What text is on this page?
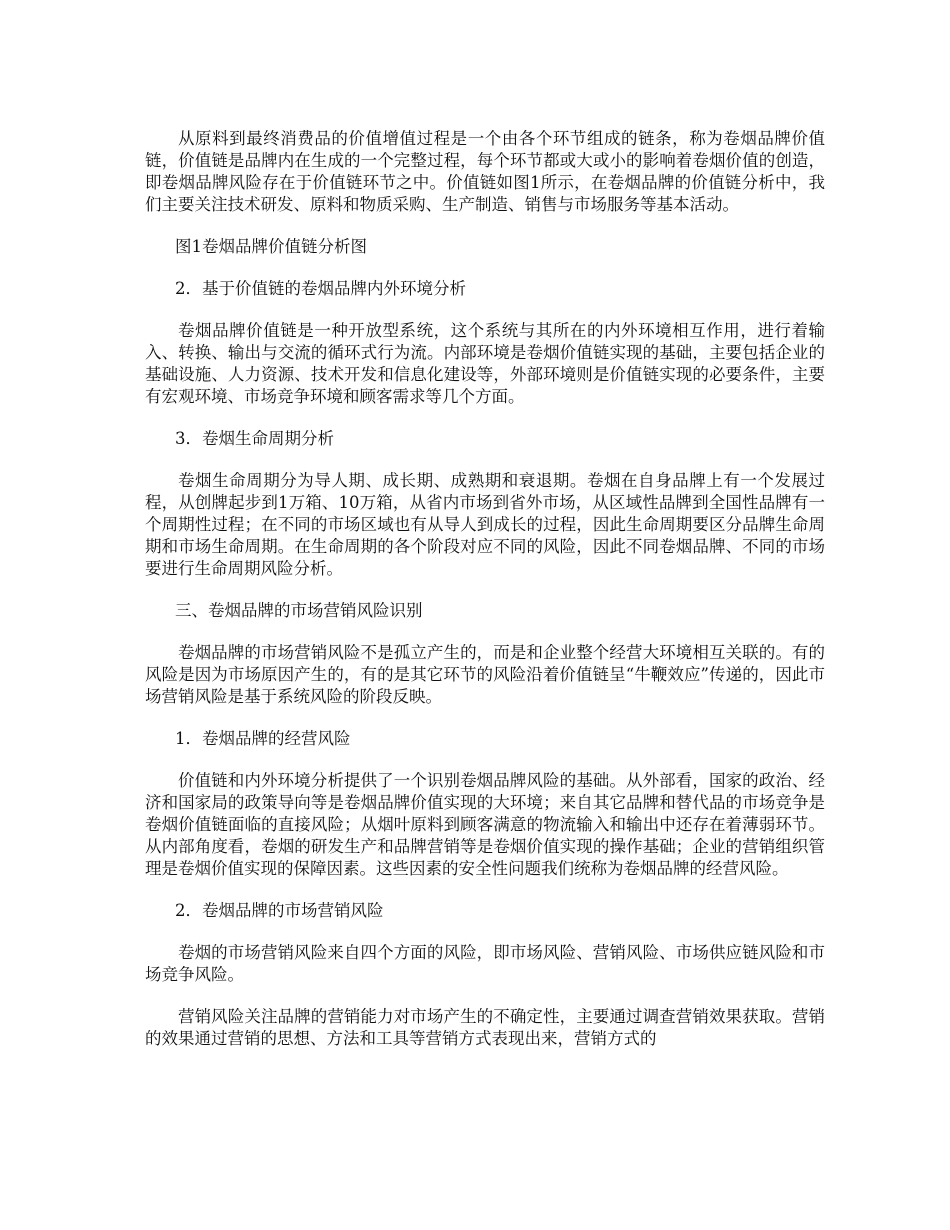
从原料到最终消费品的价值增值过程是一个由各个环节组成的链条，称为卷烟品牌价值链，价值链是品牌内在生成的一个完整过程，每个环节都或大或小的影响着卷烟价值的创造，即卷烟品牌风险存在于价值链环节之中。价值链如图1所示，在卷烟品牌的价值链分析中，我们主要关注技术研发、原料和物质采购、生产制造、销售与市场服务等基本活动。

图1卷烟品牌价值链分析图

2．基于价值链的卷烟品牌内外环境分析

卷烟品牌价值链是一种开放型系统，这个系统与其所在的内外环境相互作用，进行着输入、转换、输出与交流的循环式行为流。内部环境是卷烟价值链实现的基础，主要包括企业的基础设施、人力资源、技术开发和信息化建设等，外部环境则是价值链实现的必要条件，主要有宏观环境、市场竞争环境和顾客需求等几个方面。

3．卷烟生命周期分析

卷烟生命周期分为导人期、成长期、成熟期和衰退期。卷烟在自身品牌上有一个发展过程，从创牌起步到1万箱、10万箱，从省内市场到省外市场，从区域性品牌到全国性品牌有一个周期性过程；在不同的市场区域也有从导人到成长的过程，因此生命周期要区分品牌生命周期和市场生命周期。在生命周期的各个阶段对应不同的风险，因此不同卷烟品牌、不同的市场要进行生命周期风险分析。

三、卷烟品牌的市场营销风险识别

卷烟品牌的市场营销风险不是孤立产生的，而是和企业整个经营大环境相互关联的。有的风险是因为市场原因产生的，有的是其它环节的风险沿着价值链呈“牛鞭效应”传递的，因此市场营销风险是基于系统风险的阶段反映。

1．卷烟品牌的经营风险

价值链和内外环境分析提供了一个识别卷烟品牌风险的基础。从外部看，国家的政治、经济和国家局的政策导向等是卷烟品牌价值实现的大环境；来自其它品牌和替代品的市场竞争是卷烟价值链面临的直接风险；从烟叶原料到顾客满意的物流输入和输出中还存在着薄弱环节。从内部角度看，卷烟的研发生产和品牌营销等是卷烟价值实现的操作基础；企业的营销组织管理是卷烟价值实现的保障因素。这些因素的安全性问题我们统称为卷烟品牌的经营风险。

2．卷烟品牌的市场营销风险

卷烟的市场营销风险来自四个方面的风险，即市场风险、营销风险、市场供应链风险和市场竞争风险。

营销风险关注品牌的营销能力对市场产生的不确定性，主要通过调查营销效果获取。营销的效果通过营销的思想、方法和工具等营销方式表现出来，营销方式的
